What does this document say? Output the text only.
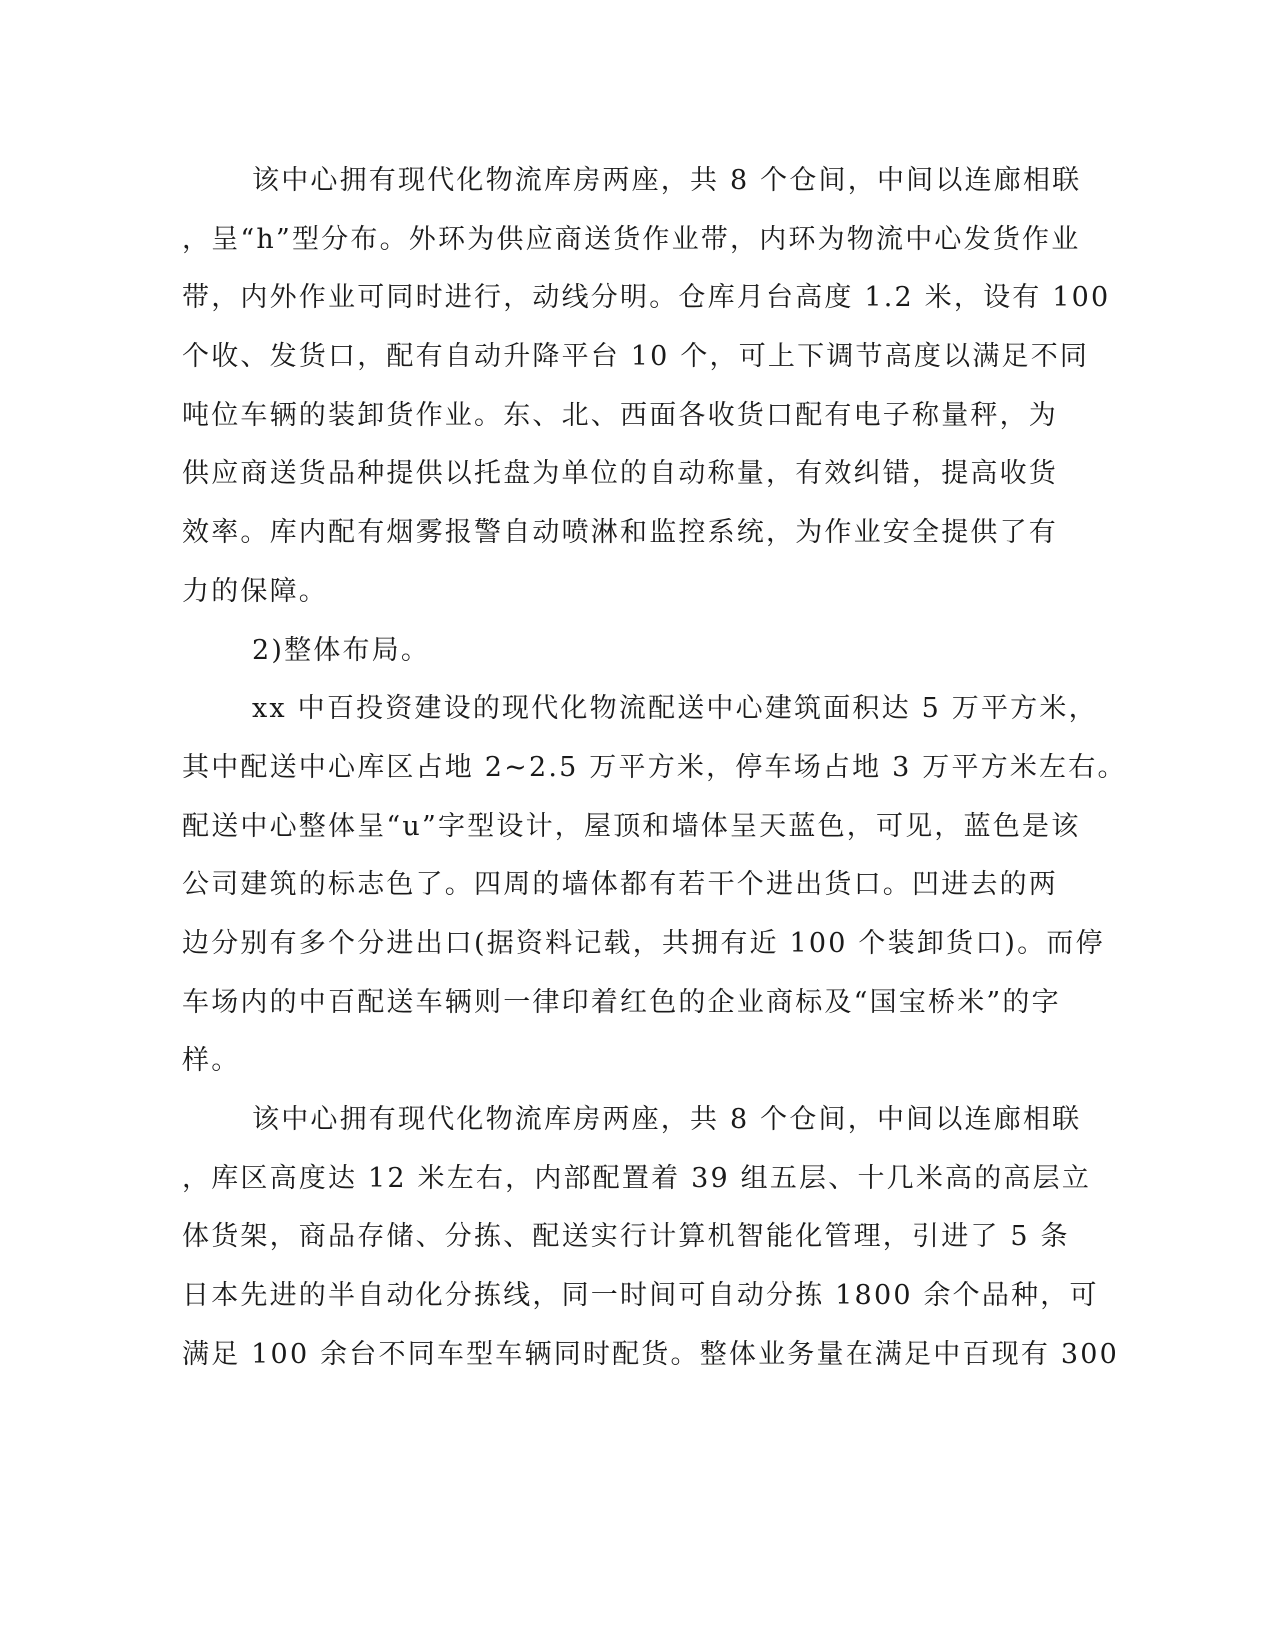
该中心拥有现代化物流库房两座，共 8 个仓间，中间以连廊相联
，呈“h”型分布。外环为供应商送货作业带，内环为物流中心发货作业
带，内外作业可同时进行，动线分明。仓库月台高度 1.2 米，设有 100
个收、发货口，配有自动升降平台 10 个，可上下调节高度以满足不同
吨位车辆的装卸货作业。东、北、西面各收货口配有电子称量秤，为
供应商送货品种提供以托盘为单位的自动称量，有效纠错，提高收货
效率。库内配有烟雾报警自动喷淋和监控系统，为作业安全提供了有
力的保障。
2)整体布局。
xx 中百投资建设的现代化物流配送中心建筑面积达 5 万平方米，
其中配送中心库区占地 2~2.5 万平方米，停车场占地 3 万平方米左右。
配送中心整体呈“u”字型设计，屋顶和墙体呈天蓝色，可见，蓝色是该
公司建筑的标志色了。四周的墙体都有若干个进出货口。凹进去的两
边分别有多个分进出口(据资料记载，共拥有近 100 个装卸货口)。而停
车场内的中百配送车辆则一律印着红色的企业商标及“国宝桥米”的字
样。
该中心拥有现代化物流库房两座，共 8 个仓间，中间以连廊相联
，库区高度达 12 米左右，内部配置着 39 组五层、十几米高的高层立
体货架，商品存储、分拣、配送实行计算机智能化管理，引进了 5 条
日本先进的半自动化分拣线，同一时间可自动分拣 1800 余个品种，可
满足 100 余台不同车型车辆同时配货。整体业务量在满足中百现有 300
